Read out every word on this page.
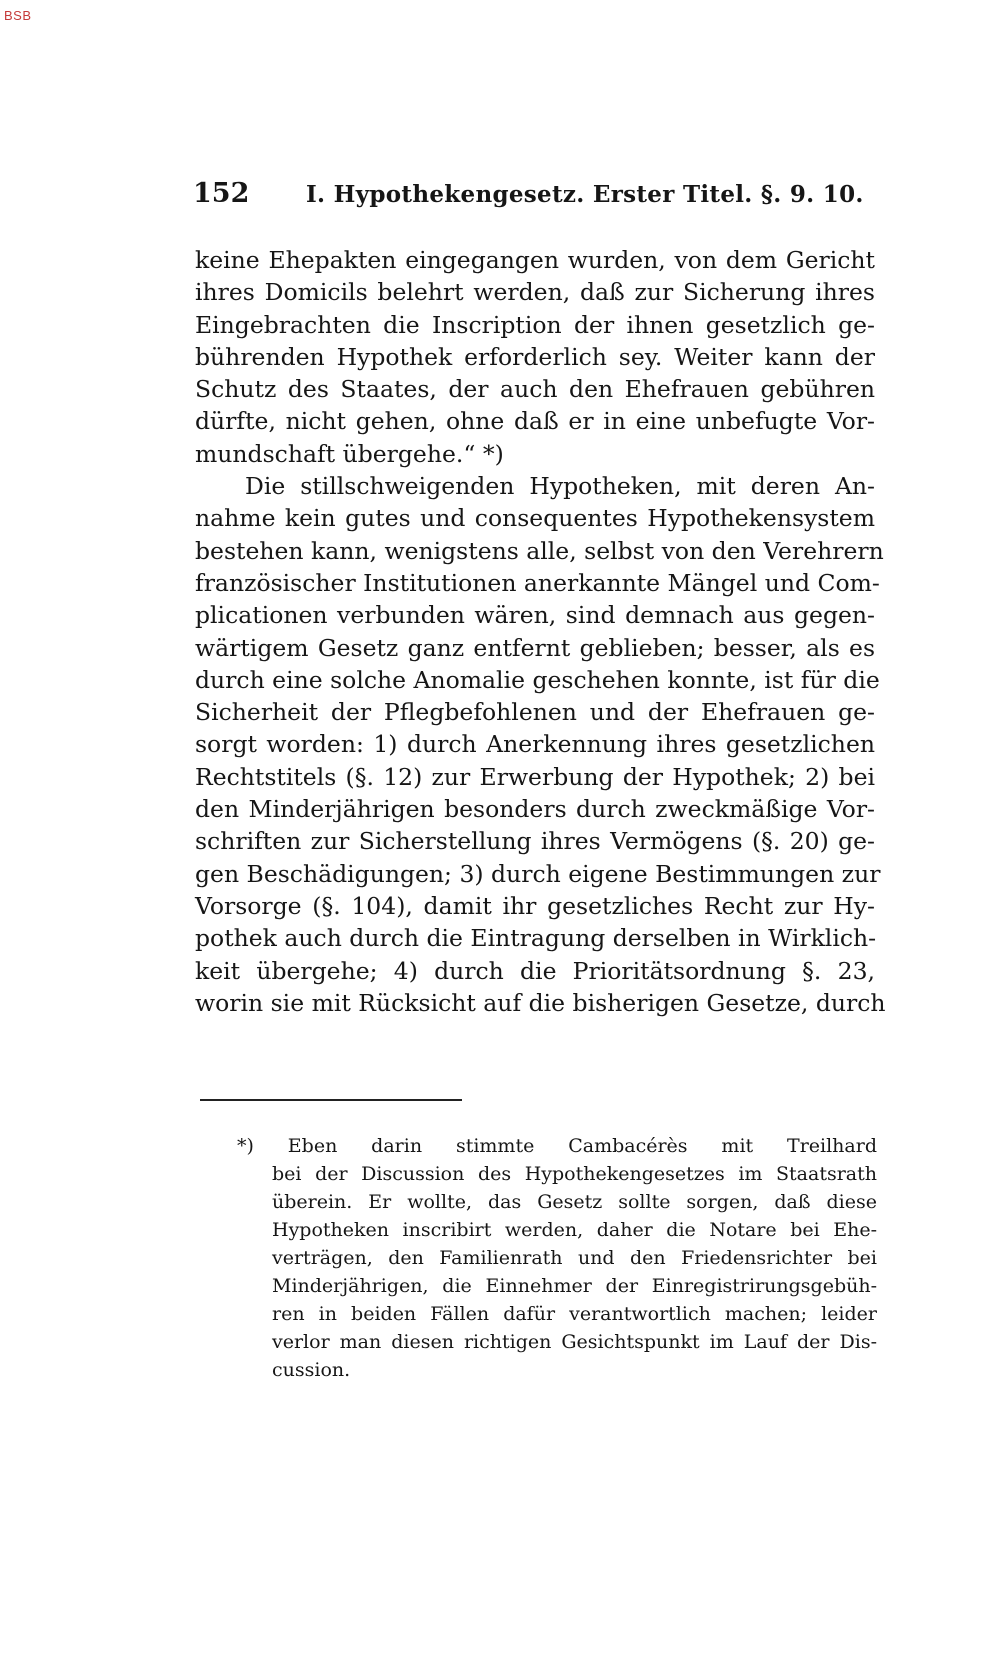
BSB
152 I. Hypothekengesetz. Erster Titel. §. 9. 10.
keine Ehepakten eingegangen wurden, von dem Gericht
ihres Domicils belehrt werden, daß zur Sicherung ihres
Eingebrachten die Inscription der ihnen gesetzlich ge-
bührenden Hypothek erforderlich sey. Weiter kann der
Schutz des Staates, der auch den Ehefrauen gebühren
dürfte, nicht gehen, ohne daß er in eine unbefugte Vor-
mundschaft übergehe.“ *)
Die stillschweigenden Hypotheken, mit deren An-
nahme kein gutes und consequentes Hypothekensystem
bestehen kann, wenigstens alle, selbst von den Verehrern
französischer Institutionen anerkannte Mängel und Com-
plicationen verbunden wären, sind demnach aus gegen-
wärtigem Gesetz ganz entfernt geblieben; besser, als es
durch eine solche Anomalie geschehen konnte, ist für die
Sicherheit der Pflegbefohlenen und der Ehefrauen ge-
sorgt worden: 1) durch Anerkennung ihres gesetzlichen
Rechtstitels (§. 12) zur Erwerbung der Hypothek; 2) bei
den Minderjährigen besonders durch zweckmäßige Vor-
schriften zur Sicherstellung ihres Vermögens (§. 20) ge-
gen Beschädigungen; 3) durch eigene Bestimmungen zur
Vorsorge (§. 104), damit ihr gesetzliches Recht zur Hy-
pothek auch durch die Eintragung derselben in Wirklich-
keit übergehe; 4) durch die Prioritätsordnung §. 23,
worin sie mit Rücksicht auf die bisherigen Gesetze, durch
*) Eben darin stimmte Cambacérès mit Treilhard
bei der Discussion des Hypothekengesetzes im Staatsrath
überein. Er wollte, das Gesetz sollte sorgen, daß diese
Hypotheken inscribirt werden, daher die Notare bei Ehe-
verträgen, den Familienrath und den Friedensrichter bei
Minderjährigen, die Einnehmer der Einregistrirungsgebüh-
ren in beiden Fällen dafür verantwortlich machen; leider
verlor man diesen richtigen Gesichtspunkt im Lauf der Dis-
cussion.
